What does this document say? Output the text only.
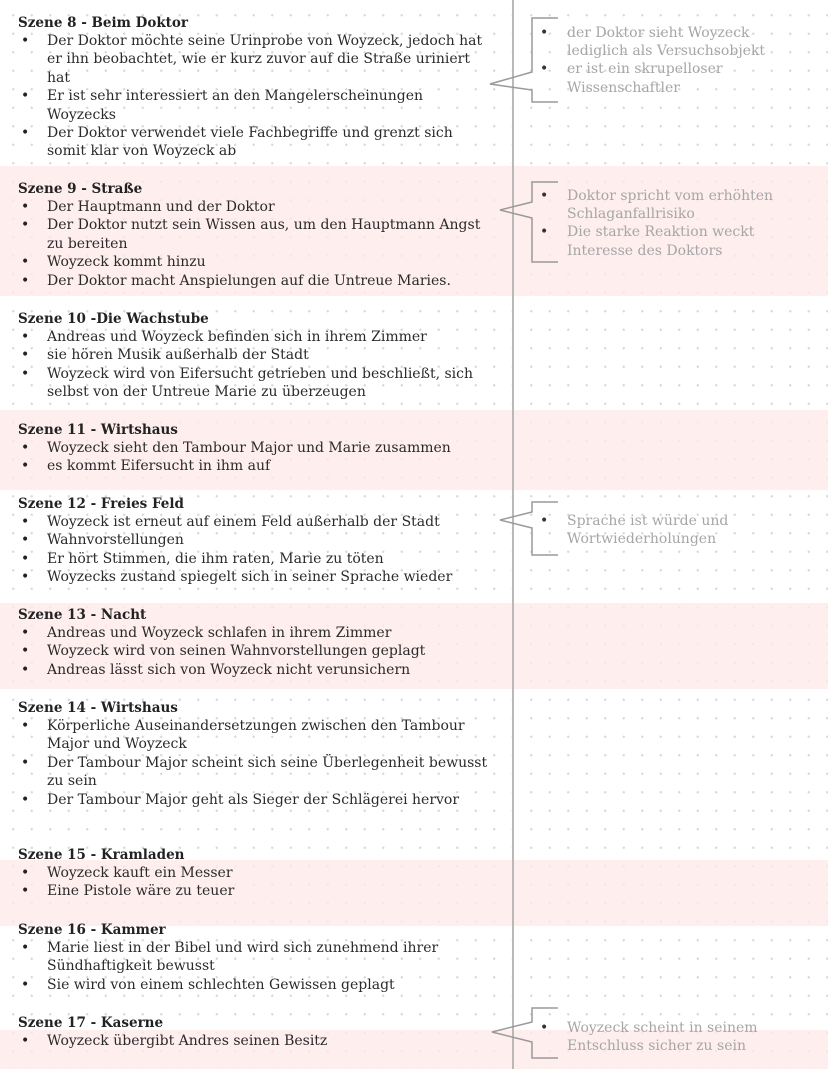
Szene 8 - Beim Doktor
• Der Doktor möchte seine Urinprobe von Woyzeck, jedoch hat er ihn beobachtet, wie er kurz zuvor auf die Straße uriniert hat
• Er ist sehr interessiert an den Mangelerscheinungen Woyzecks
• Der Doktor verwendet viele Fachbegriffe und grenzt sich somit klar von Woyzeck ab
Szene 9 - Straße
• Der Hauptmann und der Doktor
• Der Doktor nutzt sein Wissen aus, um den Hauptmann Angst zu bereiten
• Woyzeck kommt hinzu
• Der Doktor macht Anspielungen auf die Untreue Maries.
Szene 10 -Die Wachstube
• Andreas und Woyzeck befinden sich in ihrem Zimmer
• sie hören Musik außerhalb der Stadt
• Woyzeck wird von Eifersucht getrieben und beschließt, sich selbst von der Untreue Marie zu überzeugen
Szene 11 - Wirtshaus
• Woyzeck sieht den Tambour Major und Marie zusammen
• es kommt Eifersucht in ihm auf
Szene 12 - Freies Feld
• Woyzeck ist erneut auf einem Feld außerhalb der Stadt
• Wahnvorstellungen
• Er hört Stimmen, die ihm raten, Marie zu töten
• Woyzecks zustand spiegelt sich in seiner Sprache wieder
Szene 13 - Nacht
• Andreas und Woyzeck schlafen in ihrem Zimmer
• Woyzeck wird von seinen Wahnvorstellungen geplagt
• Andreas lässt sich von Woyzeck nicht verunsichern
Szene 14 - Wirtshaus
• Körperliche Auseinandersetzungen zwischen den Tambour Major und Woyzeck
• Der Tambour Major scheint sich seine Überlegenheit bewusst zu sein
• Der Tambour Major geht als Sieger der Schlägerei hervor
Szene 15 - Kramladen
• Woyzeck kauft ein Messer
• Eine Pistole wäre zu teuer
Szene 16 - Kammer
• Marie liest in der Bibel und wird sich zunehmend ihrer Sündhaftigkeit bewusst
• Sie wird von einem schlechten Gewissen geplagt
Szene 17 - Kaserne
• Woyzeck übergibt Andres seinen Besitz
• der Doktor sieht Woyzeck lediglich als Versuchsobjekt
• er ist ein skrupelloser Wissenschaftler
• Doktor spricht vom erhöhten Schlaganfallrisiko
• Die starke Reaktion weckt Interesse des Doktors
• Sprache ist würde und Wortwiederholungen
• Woyzeck scheint in seinem Entschluss sicher zu sein
